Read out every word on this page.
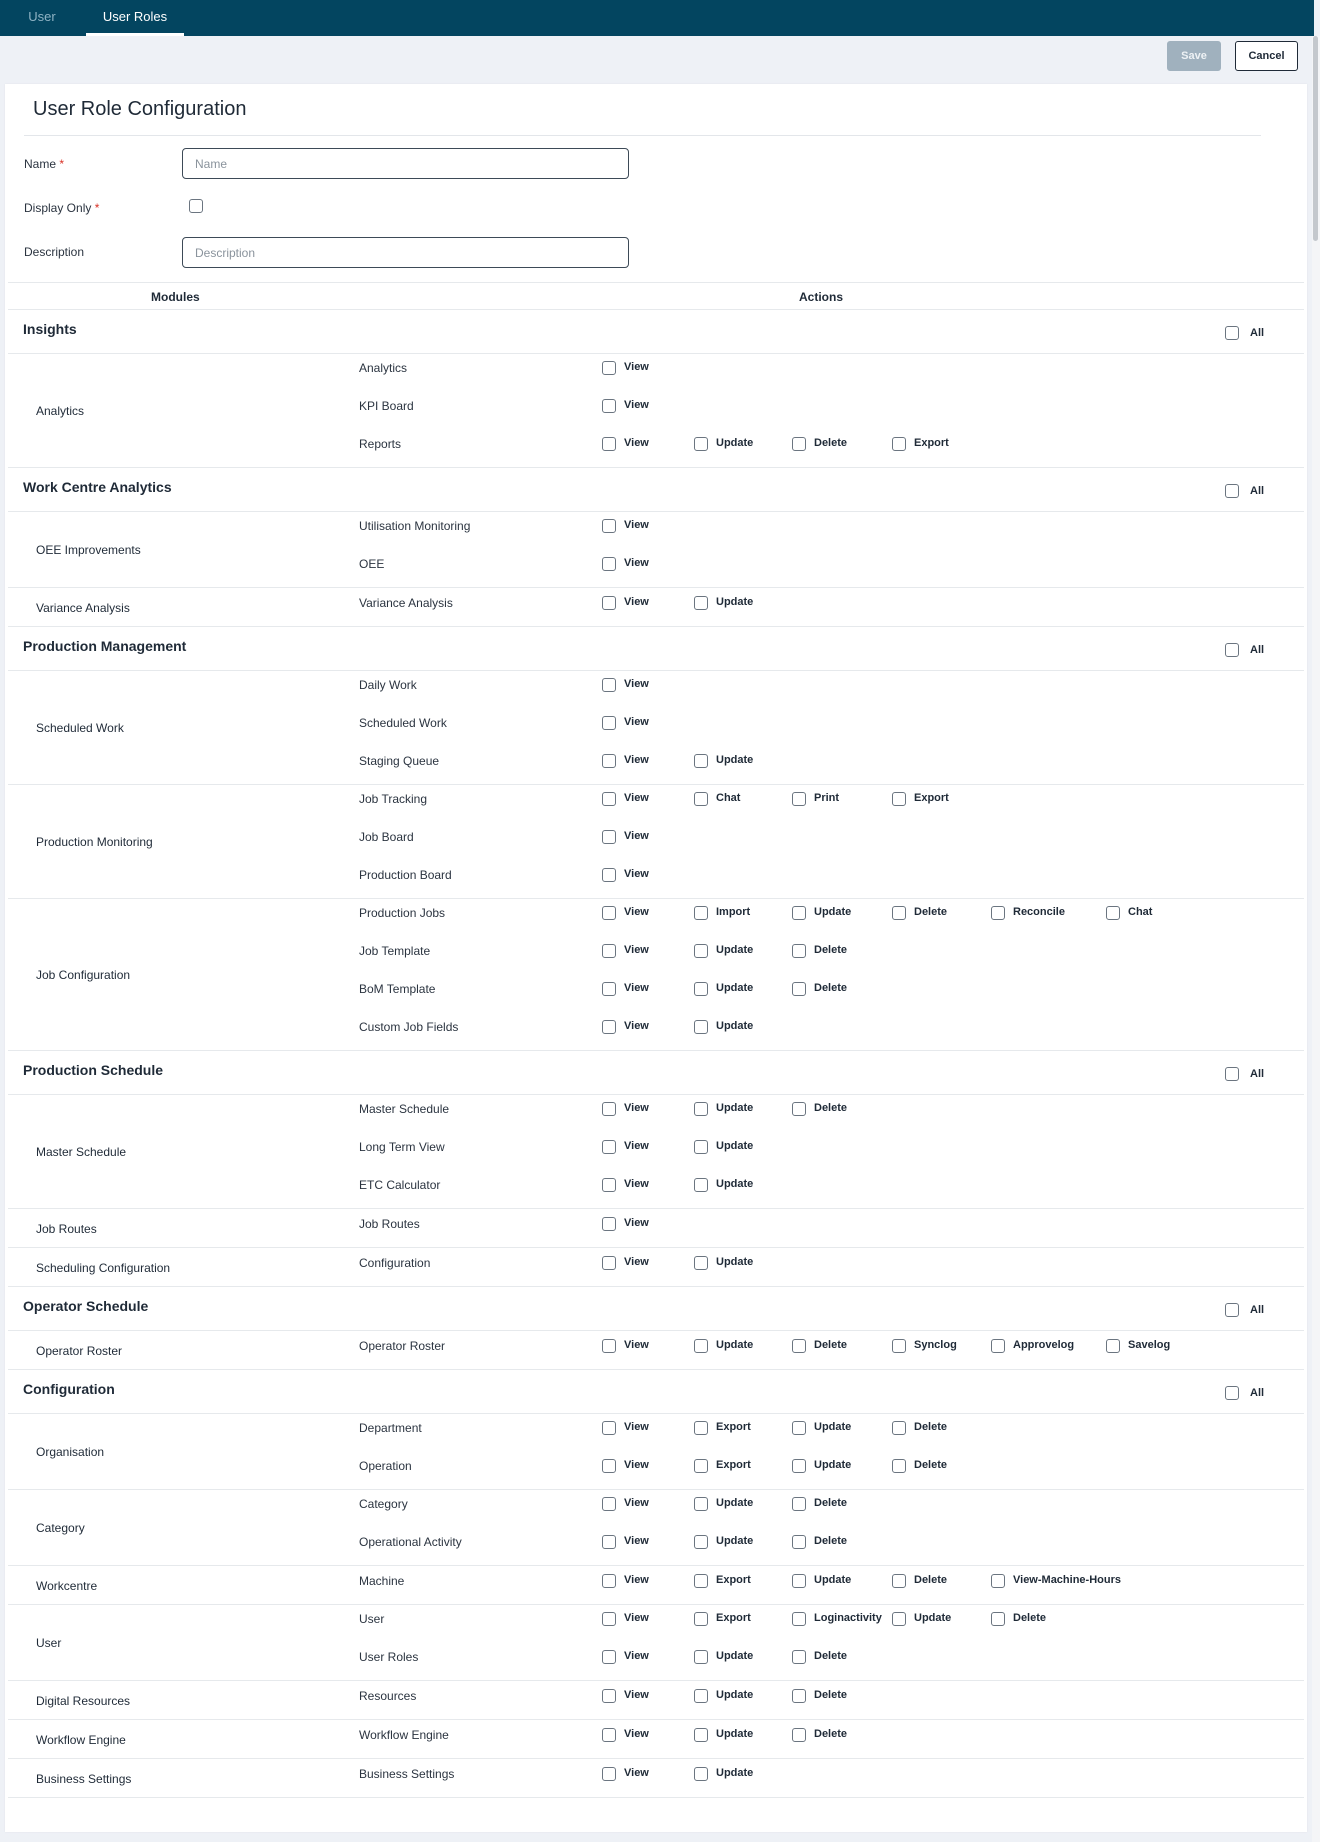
User	User Roles
Save	Cancel
User Role Configuration
Name *
Name
Display Only *
Description
Description
Modules	Actions
Insights	All
Analytics
Analytics	View
KPI Board	View
Reports	View	Update	Delete	Export
Work Centre Analytics	All
OEE Improvements
Utilisation Monitoring	View
OEE	View
Variance Analysis	Variance Analysis	View	Update
Production Management	All
Scheduled Work
Daily Work	View
Scheduled Work	View
Staging Queue	View	Update
Production Monitoring
Job Tracking	View	Chat	Print	Export
Job Board	View
Production Board	View
Job Configuration
Production Jobs	View	Import	Update	Delete	Reconcile	Chat
Job Template	View	Update	Delete
BoM Template	View	Update	Delete
Custom Job Fields	View	Update
Production Schedule	All
Master Schedule
Master Schedule	View	Update	Delete
Long Term View	View	Update
ETC Calculator	View	Update
Job Routes	Job Routes	View
Scheduling Configuration	Configuration	View	Update
Operator Schedule	All
Operator Roster	Operator Roster	View	Update	Delete	Synclog	Approvelog	Savelog
Configuration	All
Organisation
Department	View	Export	Update	Delete
Operation	View	Export	Update	Delete
Category
Category	View	Update	Delete
Operational Activity	View	Update	Delete
Workcentre	Machine	View	Export	Update	Delete	View-Machine-Hours
User
User	View	Export	Loginactivity	Update	Delete
User Roles	View	Update	Delete
Digital Resources	Resources	View	Update	Delete
Workflow Engine	Workflow Engine	View	Update	Delete
Business Settings	Business Settings	View	Update
